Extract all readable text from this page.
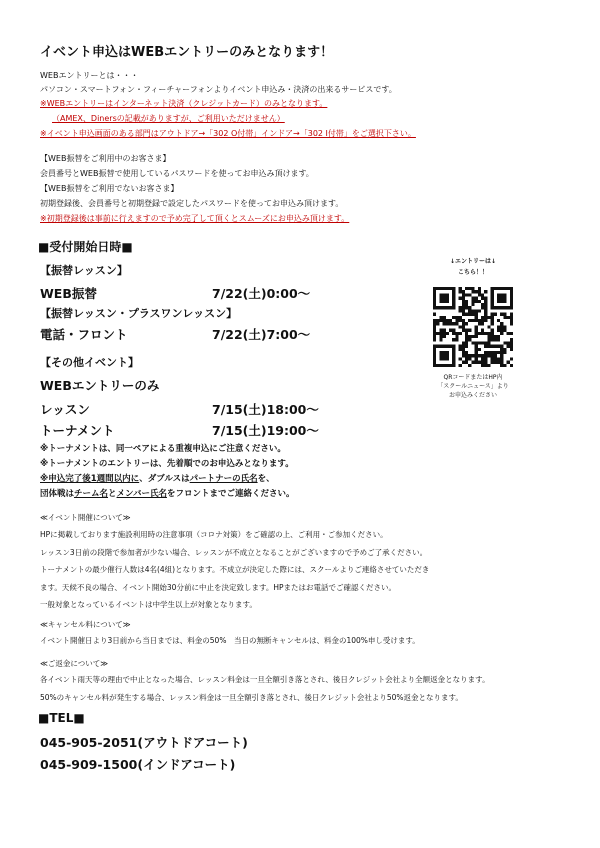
イベント申込はWEBエントリーのみとなります！
WEBエントリーとは・・・
パソコン・スマートフォン・フィーチャーフォンよりイベント申込み・決済の出来るサービスです。
※WEBエントリーはインターネット決済（クレジットカード）のみとなります。
（AMEX、Dinersの記載がありますが、ご利用いただけません）
※イベント申込画面のある部門はアウトドア→「302 O付帯」インドア→「302 I付帯」をご選択下さい。
【WEB振替をご利用中のお客さま】
会員番号とWEB振替で使用しているパスワードを使ってお申込み頂けます。
【WEB振替をご利用でないお客さま】
初期登録後、会員番号と初期登録で設定したパスワードを使ってお申込み頂けます。
※初期登録後は事前に行えますので予め完了して頂くとスムーズにお申込み頂けます。
■受付開始日時■
【振替レッスン】
WEB振替	7/22(土)0:00～
【振替レッスン・プラスワンレッスン】
電話・フロント	7/22(土)7:00～
【その他イベント】
WEBエントリーのみ
レッスン	7/15(土)18:00～
トーナメント	7/15(土)19:00～
↓エントリーは↓
こちら！！
QRコードまたはHP内
「スクールニュース」より
お申込みください
※トーナメントは、同一ペアによる重複申込にご注意ください。
※トーナメントのエントリーは、先着順でのお申込みとなります。
※申込完了後1週間以内に、ダブルスはパートナーの氏名を、
団体戦はチーム名とメンバー氏名をフロントまでご連絡ください。
≪イベント開催について≫
HPに掲載しております施設利用時の注意事項（コロナ対策）をご確認の上、ご利用・ご参加ください。
レッスン3日前の段階で参加者が少ない場合、レッスンが不成立となることがございますので予めご了承ください。
トーナメントの最少催行人数は4名(4組)となります。不成立が決定した際には、スクールよりご連絡させていただき
ます。天候不良の場合、イベント開始30分前に中止を決定致します。HPまたはお電話でご確認ください。
一般対象となっているイベントは中学生以上が対象となります。
≪キャンセル料について≫
イベント開催日より3日前から当日までは、料金の50%　当日の無断キャンセルは、料金の100%申し受けます。
≪ご返金について≫
各イベント雨天等の理由で中止となった場合、レッスン料金は一旦全額引き落とされ、後日クレジット会社より全額返金となります。
50%のキャンセル料が発生する場合、レッスン料金は一旦全額引き落とされ、後日クレジット会社より50%返金となります。
■TEL■
045-905-2051(アウトドアコート)
045-909-1500(インドアコート)
